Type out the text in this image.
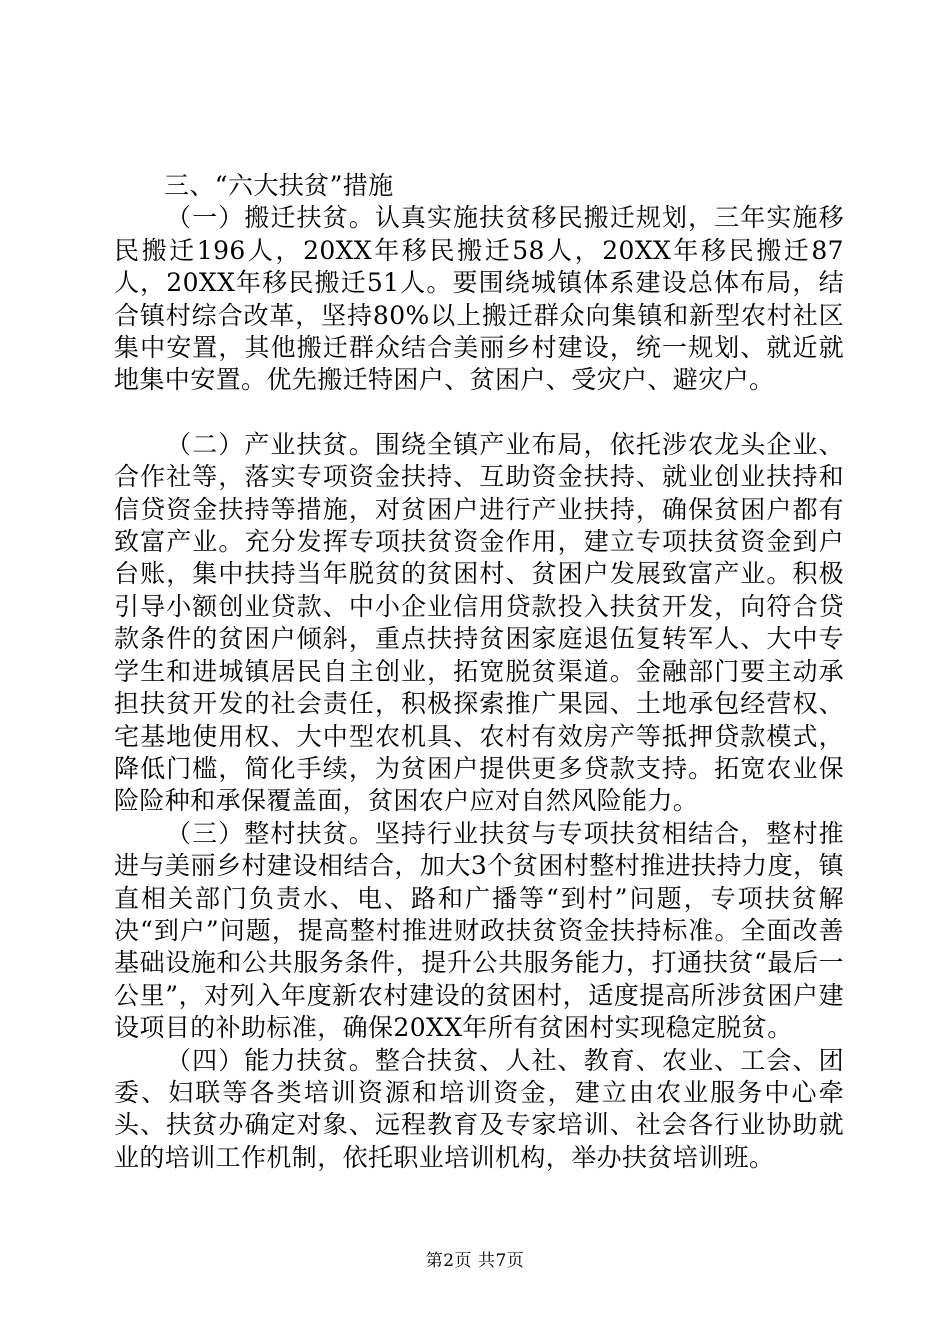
三、“六大扶贫”措施

（一）搬迁扶贫。认真实施扶贫移民搬迁规划，三年实施移民搬迁196人，20XX年移民搬迁58人，20XX年移民搬迁87人，20XX年移民搬迁51人。要围绕城镇体系建设总体布局，结合镇村综合改革，坚持80%以上搬迁群众向集镇和新型农村社区集中安置，其他搬迁群众结合美丽乡村建设，统一规划、就近就地集中安置。优先搬迁特困户、贫困户、受灾户、避灾户。

（二）产业扶贫。围绕全镇产业布局，依托涉农龙头企业、合作社等，落实专项资金扶持、互助资金扶持、就业创业扶持和信贷资金扶持等措施，对贫困户进行产业扶持，确保贫困户都有致富产业。充分发挥专项扶贫资金作用，建立专项扶贫资金到户台账，集中扶持当年脱贫的贫困村、贫困户发展致富产业。积极引导小额创业贷款、中小企业信用贷款投入扶贫开发，向符合贷款条件的贫困户倾斜，重点扶持贫困家庭退伍复转军人、大中专学生和进城镇居民自主创业，拓宽脱贫渠道。金融部门要主动承担扶贫开发的社会责任，积极探索推广果园、土地承包经营权、宅基地使用权、大中型农机具、农村有效房产等抵押贷款模式，降低门槛，简化手续，为贫困户提供更多贷款支持。拓宽农业保险险种和承保覆盖面，贫困农户应对自然风险能力。

（三）整村扶贫。坚持行业扶贫与专项扶贫相结合，整村推进与美丽乡村建设相结合，加大3个贫困村整村推进扶持力度，镇直相关部门负责水、电、路和广播等“到村”问题，专项扶贫解决“到户”问题，提高整村推进财政扶贫资金扶持标准。全面改善基础设施和公共服务条件，提升公共服务能力，打通扶贫“最后一公里”，对列入年度新农村建设的贫困村，适度提高所涉贫困户建设项目的补助标准，确保20XX年所有贫困村实现稳定脱贫。

（四）能力扶贫。整合扶贫、人社、教育、农业、工会、团委、妇联等各类培训资源和培训资金，建立由农业服务中心牵头、扶贫办确定对象、远程教育及专家培训、社会各行业协助就业的培训工作机制，依托职业培训机构，举办扶贫培训班。

第2页 共7页
